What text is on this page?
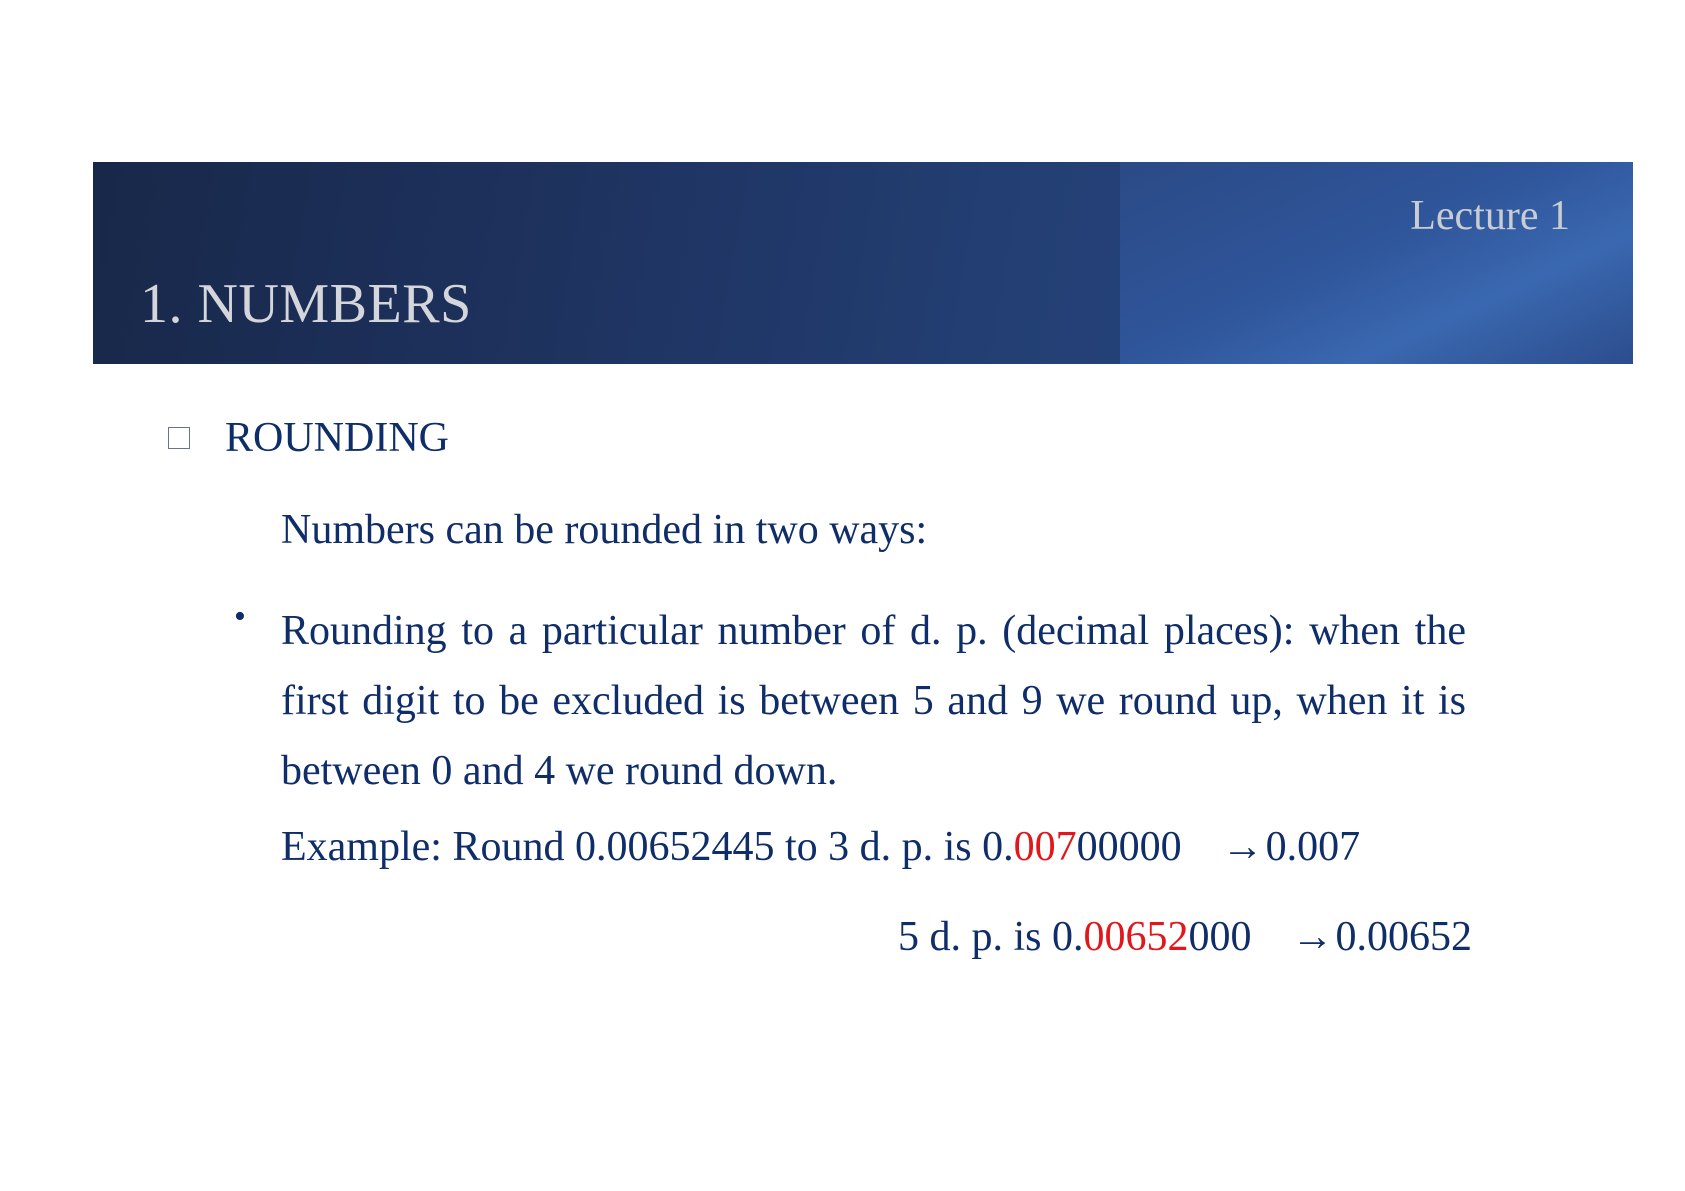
Lecture 1
1. NUMBERS
ROUNDING
Numbers can be rounded in two ways:
• Rounding to a particular number of d. p. (decimal places): when the first digit to be excluded is between 5 and 9 we round up, when it is between 0 and 4 we round down.
Example: Round 0.00652445 to 3 d. p. is 0.00700000 →0.007
5 d. p. is 0.00652000 →0.00652
